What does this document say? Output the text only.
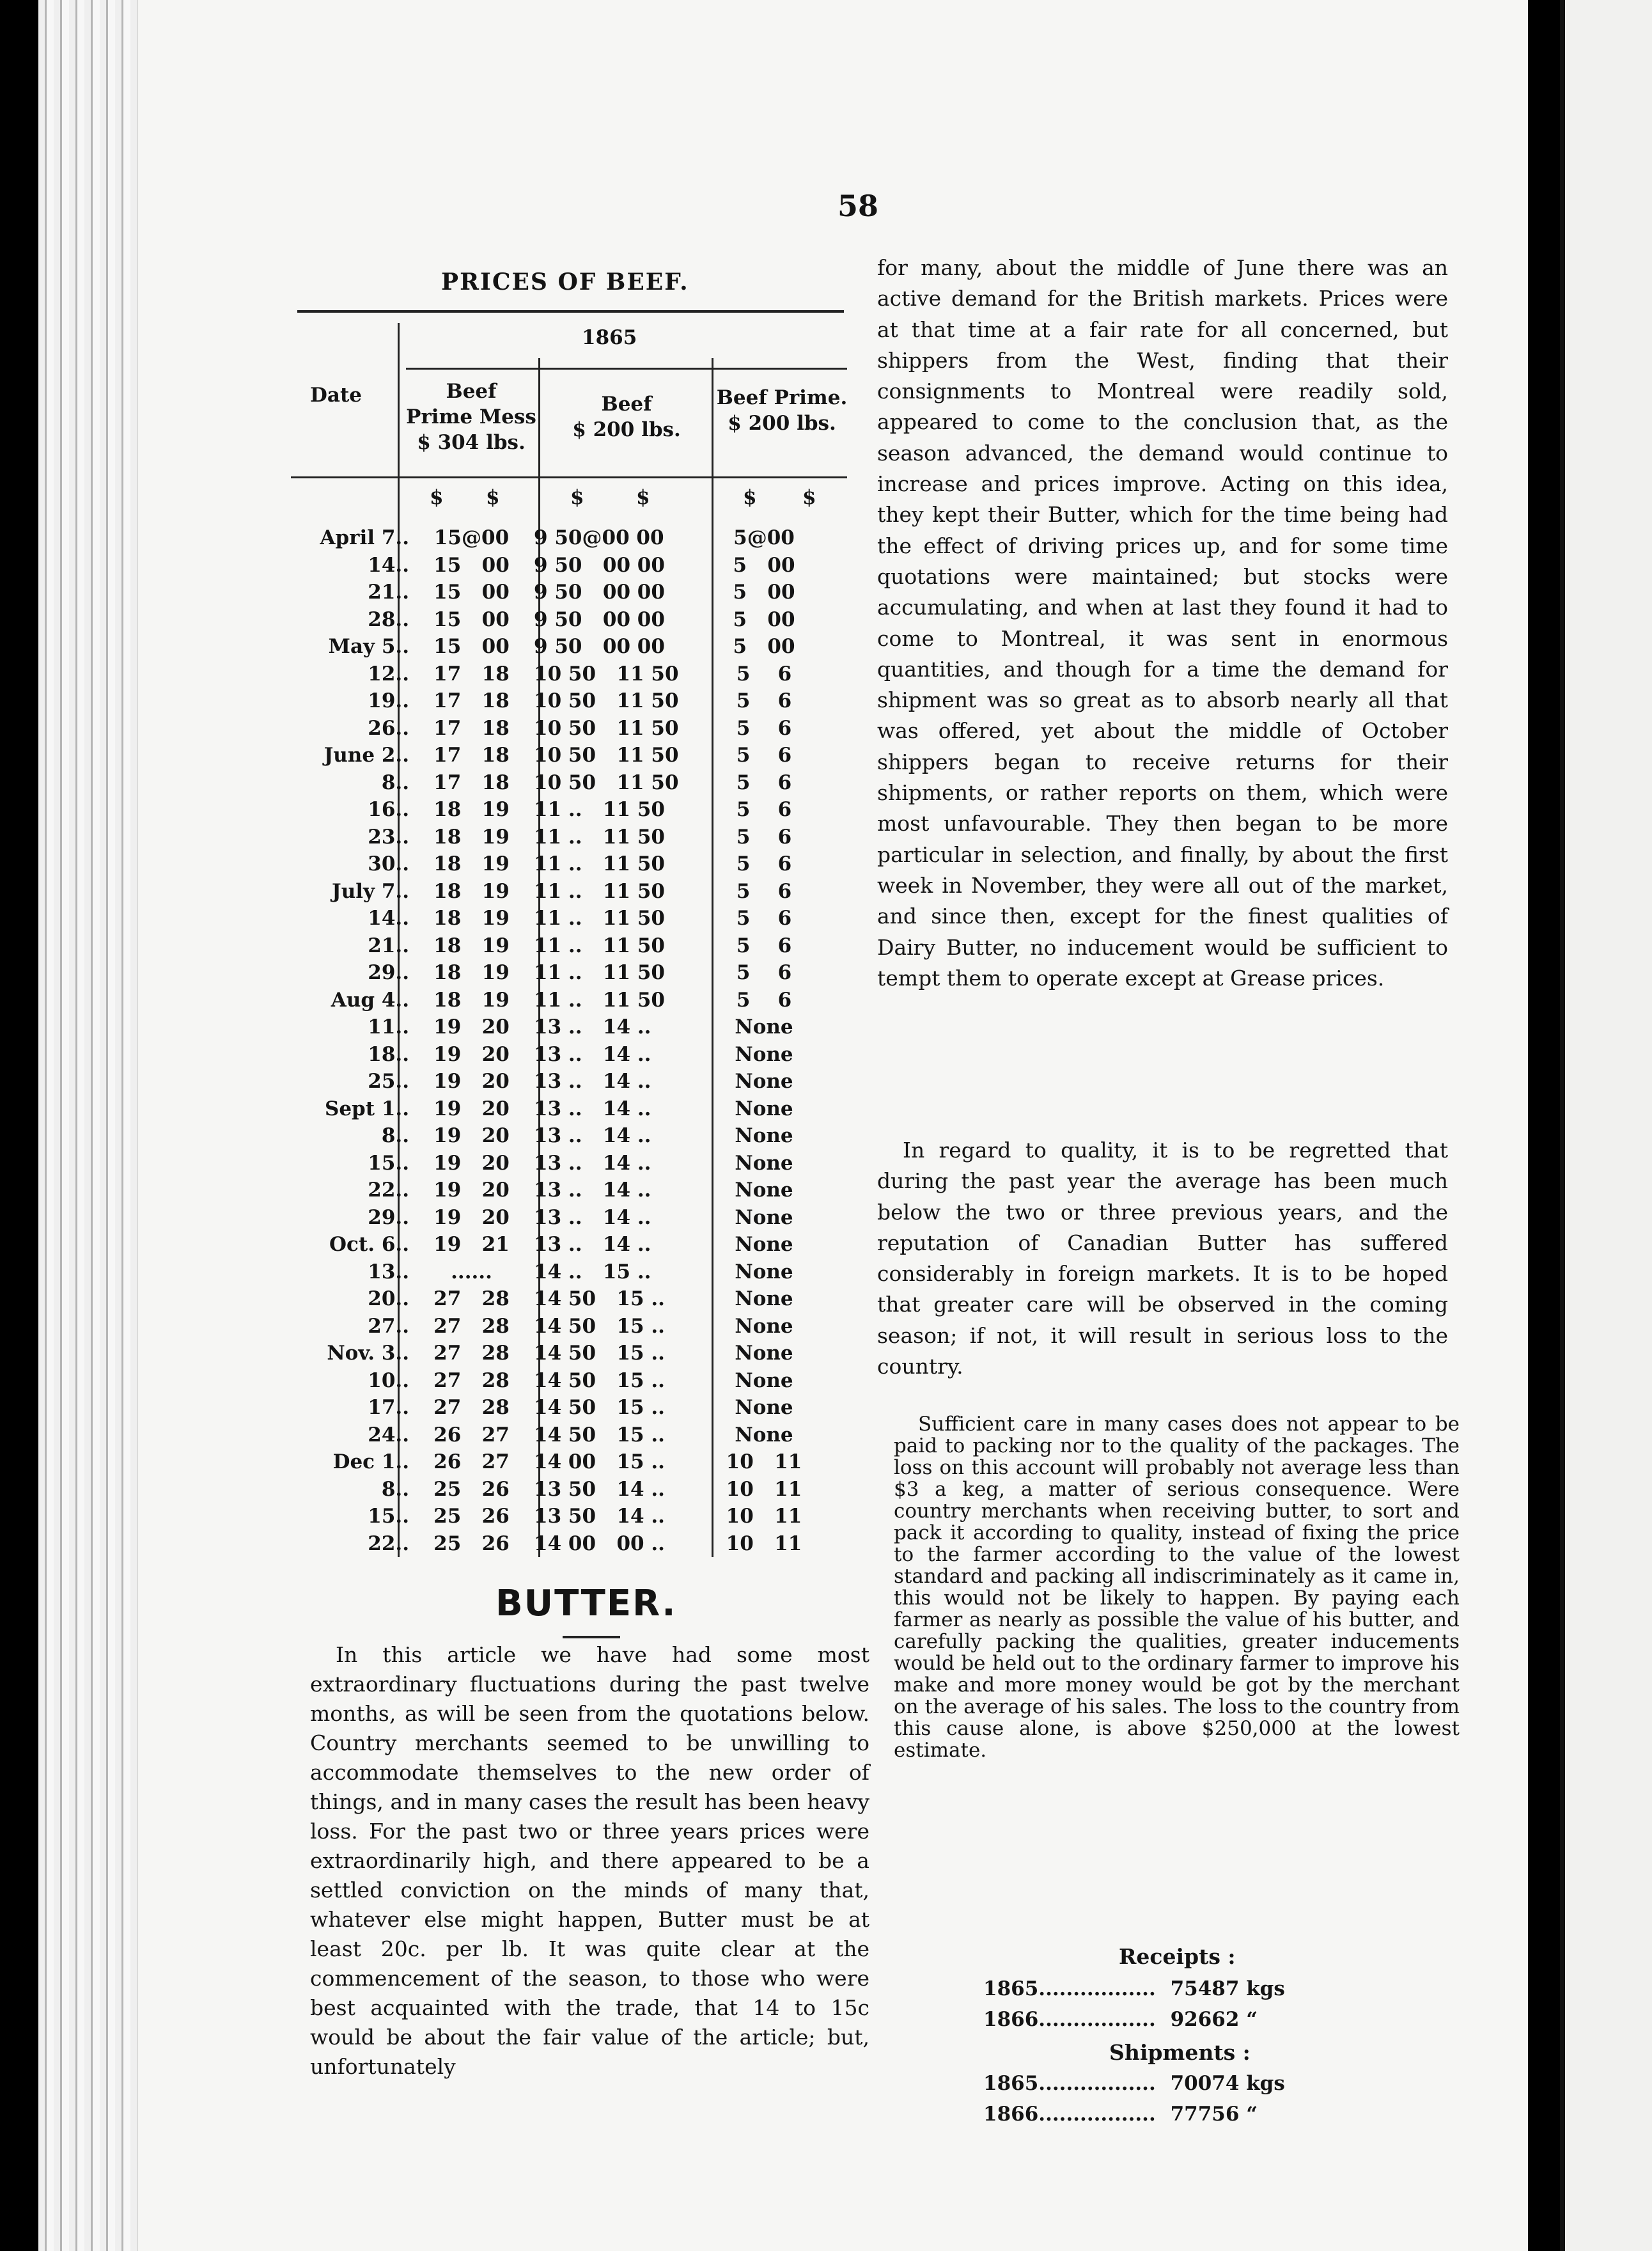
58
PRICES OF BEEF.
1865
Date	Beef
Prime Mess
$ 304 lbs.
Beef
$ 200 lbs.
Beef Prime.
$ 200 lbs.
$ $	$	$	$ $
April 7..	15@00	9 50@00 00	5@00
14..	15   00	9 50   00 00	5   00
21..	15   00	9 50   00 00	5   00
28..	15   00	9 50   00 00	5   00
May 5..	15   00	9 50   00 00	5   00
12..	17   18	10 50   11 50	5    6
19..	17   18	10 50   11 50	5    6
26..	17   18	10 50   11 50	5    6
June 2..	17   18	10 50   11 50	5    6
8..	17   18	10 50   11 50	5    6
16..	18   19	11 ..   11 50	5    6
23..	18   19	11 ..   11 50	5    6
30..	18   19	11 ..   11 50	5    6
July 7..	18   19	11 ..   11 50	5    6
14..	18   19	11 ..   11 50	5    6
21..	18   19	11 ..   11 50	5    6
29..	18   19	11 ..   11 50	5    6
Aug 4..	18   19	11 ..   11 50	5    6
11..	19   20	13 ..   14 ..	None
18..	19   20	13 ..   14 ..	None
25..	19   20	13 ..   14 ..	None
Sept 1..	19   20	13 ..   14 ..	None
8..	19   20	13 ..   14 ..	None
15..	19   20	13 ..   14 ..	None
22..	19   20	13 ..   14 ..	None
29..	19   20	13 ..   14 ..	None
Oct. 6..	19   21	13 ..   14 ..	None
13..	......	14 ..   15 ..	None
20..	27   28	14 50   15 ..	None
27..	27   28	14 50   15 ..	None
Nov. 3..	27   28	14 50   15 ..	None
10..	27   28	14 50   15 ..	None
17..	27   28	14 50   15 ..	None
24..	26   27	14 50   15 ..	None
Dec 1..	26   27	14 00   15 ..	10   11
8..	25   26	13 50   14 ..	10   11
15..	25   26	13 50   14 ..	10   11
22..	25   26	14 00   00 ..	10   11
BUTTER.

In this article we have had some most extraordinary fluctuations during the past twelve months, as will be seen from the quotations below. Country merchants seemed to be unwilling to accommodate themselves to the new order of things, and in many cases the result has been heavy loss. For the past two or three years prices were extraordinarily high, and there appeared to be a settled conviction on the minds of many that, whatever else might happen, Butter must be at least 20c. per lb. It was quite clear at the commencement of the season, to those who were best acquainted with the trade, that 14 to 15c would be about the fair value of the article; but, unfortunately

for many, about the middle of June there was an active demand for the British markets. Prices were at that time at a fair rate for all concerned, but shippers from the West, finding that their consignments to Montreal were readily sold, appeared to come to the conclusion that, as the season advanced, the demand would continue to increase and prices improve. Acting on this idea, they kept their Butter, which for the time being had the effect of driving prices up, and for some time quotations were maintained; but stocks were accumulating, and when at last they found it had to come to Montreal, it was sent in enormous quantities, and though for a time the demand for shipment was so great as to absorb nearly all that was offered, yet about the middle of October shippers began to receive returns for their shipments, or rather reports on them, which were most unfavourable. They then began to be more particular in selection, and finally, by about the first week in November, they were all out of the market, and since then, except for the finest qualities of Dairy Butter, no inducement would be sufficient to tempt them to operate except at Grease prices.

In regard to quality, it is to be regretted that during the past year the average has been much below the two or three previous years, and the reputation of Canadian Butter has suffered considerably in foreign markets. It is to be hoped that greater care will be observed in the coming season; if not, it will result in serious loss to the country.

Sufficient care in many cases does not appear to be paid to packing nor to the quality of the packages. The loss on this account will probably not average less than $3 a keg, a matter of serious consequence. Were country merchants when receiving butter, to sort and pack it according to quality, instead of fixing the price to the farmer according to the value of the lowest standard and packing all indiscriminately as it came in, this would not be likely to happen. By paying each farmer as nearly as possible the value of his butter, and carefully packing the qualities, greater inducements would be held out to the ordinary farmer to improve his make and more money would be got by the merchant on the average of his sales. The loss to the country from this cause alone, is above $250,000 at the lowest estimate.

Receipts :
1865................. 75487 kgs
1866................. 92662 “
Shipments :
1865................. 70074 kgs
1866................. 77756 “
